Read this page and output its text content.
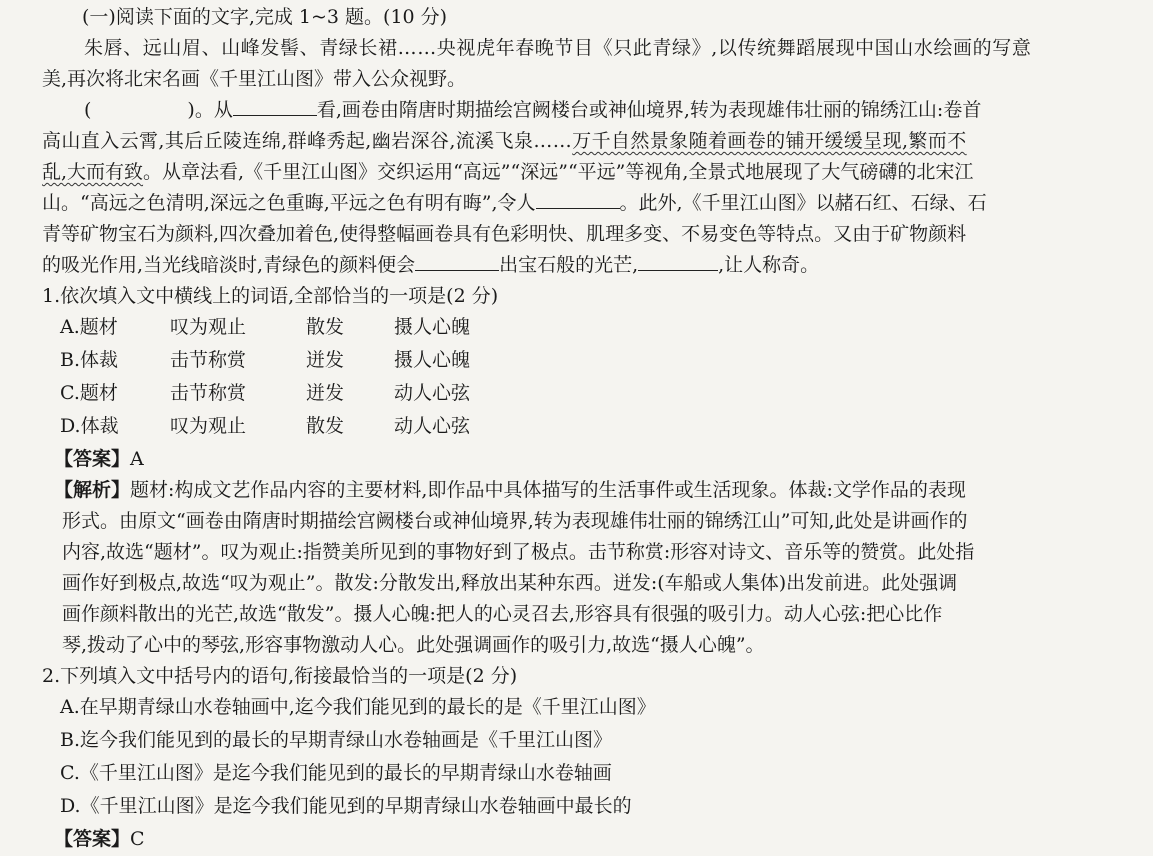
(一)阅读下面的文字,完成 1~3 题。(10 分)
朱唇、远山眉、山峰发髻、青绿长裙……央视虎年春晚节目《只此青绿》,以传统舞蹈展现中国山水绘画的写意
美,再次将北宋名画《千里江山图》带入公众视野。
(	)。从	看,画卷由隋唐时期描绘宫阙楼台或神仙境界,转为表现雄伟壮丽的锦绣江山:卷首
高山直入云霄,其后丘陵连绵,群峰秀起,幽岩深谷,流溪飞泉…… 万千自然景象随着画卷的铺开缓缓呈现,繁而不
乱,大而有致 。从章法看,《千里江山图》交织运用“高远”“深远”“平远”等视角,全景式地展现了大气磅礴的北宋江
山。“高远之色清明,深远之色重晦,平远之色有明有晦”,令人	。此外,《千里江山图》以赭石红、石绿、石
青等矿物宝石为颜料,四次叠加着色,使得整幅画卷具有色彩明快、肌理多变、不易变色等特点。又由于矿物颜料
的吸光作用,当光线暗淡时,青绿色的颜料便会	出宝石般的光芒,	,让人称奇。
1.依次填入文中横线上的词语,全部恰当的一项是(2 分)
A.题材	叹为观止	散发	摄人心魄
B.体裁	击节称赏	迸发	摄人心魄
C.题材	击节称赏	迸发	动人心弦
D.体裁	叹为观止	散发	动人心弦
【答案】 A
【解析】 题材:构成文艺作品内容的主要材料,即作品中具体描写的生活事件或生活现象。体裁:文学作品的表现
形式。由原文“画卷由隋唐时期描绘宫阙楼台或神仙境界,转为表现雄伟壮丽的锦绣江山”可知,此处是讲画作的
内容,故选“题材”。叹为观止:指赞美所见到的事物好到了极点。击节称赏:形容对诗文、音乐等的赞赏。此处指
画作好到极点,故选“叹为观止”。散发:分散发出,释放出某种东西。迸发:(车船或人集体)出发前进。此处强调
画作颜料散出的光芒,故选“散发”。摄人心魄:把人的心灵召去,形容具有很强的吸引力。动人心弦:把心比作
琴,拨动了心中的琴弦,形容事物激动人心。此处强调画作的吸引力,故选“摄人心魄”。
2.下列填入文中括号内的语句,衔接最恰当的一项是(2 分)
A.在早期青绿山水卷轴画中,迄今我们能见到的最长的是《千里江山图》
B.迄今我们能见到的最长的早期青绿山水卷轴画是《千里江山图》
C.《千里江山图》是迄今我们能见到的最长的早期青绿山水卷轴画
D.《千里江山图》是迄今我们能见到的早期青绿山水卷轴画中最长的
【答案】 C
